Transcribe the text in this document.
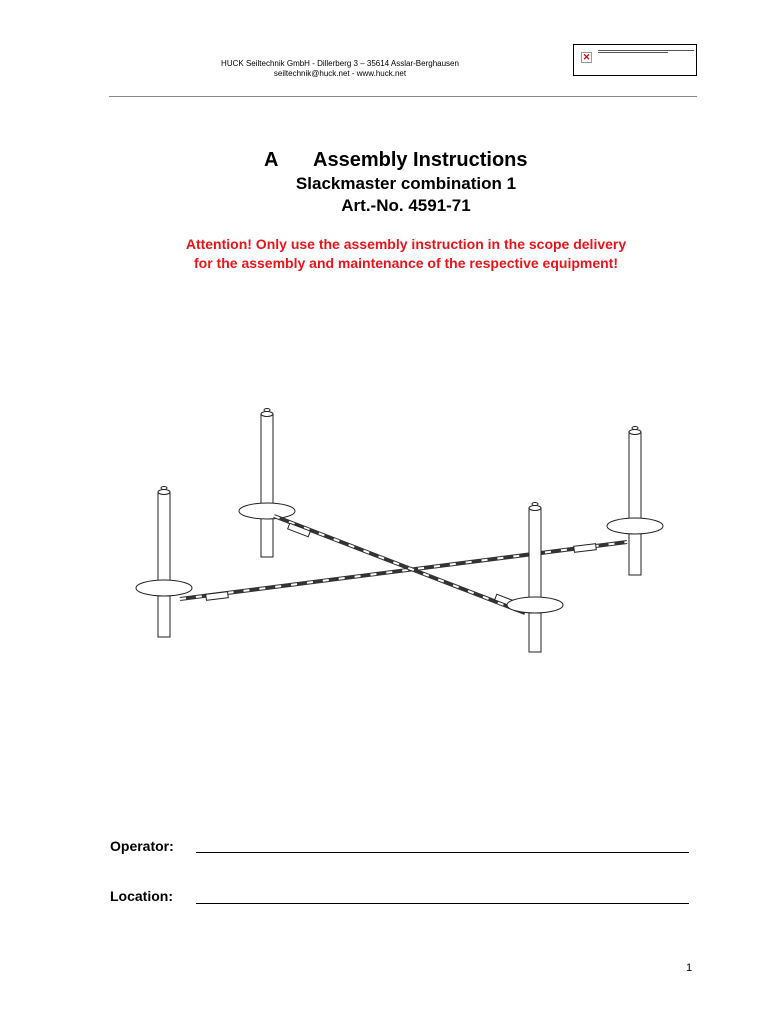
HUCK Seiltechnik GmbH - Dillerberg 3 – 35614 Asslar-Berghausen
seiltechnik@huck.net - www.huck.net
✕
A Assembly Instructions
Slackmaster combination 1
Art.-No. 4591-71
Attention! Only use the assembly instruction in the scope delivery
for the assembly and maintenance of the respective equipment!
Operator:
Location:
1
